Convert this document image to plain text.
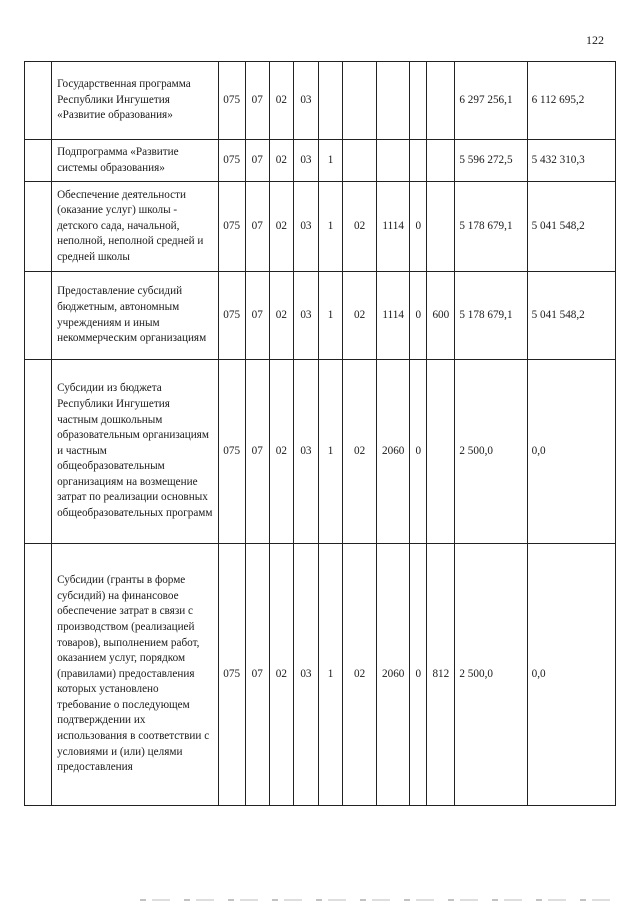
122
	Государственная программа Республики Ингушетия «Развитие образования»	075	07	02	03						6 297 256,1	6 112 695,2
	Подпрограмма «Развитие системы образования»	075	07	02	03	1					5 596 272,5	5 432 310,3
	Обеспечение деятельности (оказание услуг) школы - детского сада, начальной, неполной, неполной средней и средней школы	075	07	02	03	1	02	1114	0		5 178 679,1	5 041 548,2
	Предоставление субсидий бюджетным, автономным учреждениям и иным некоммерческим организациям	075	07	02	03	1	02	1114	0	600	5 178 679,1	5 041 548,2
	Субсидии из бюджета Республики Ингушетия частным дошкольным образовательным организациям и частным общеобразовательным организациям на возмещение затрат по реализации основных общеобразовательных программ	075	07	02	03	1	02	2060	0		2 500,0	0,0
	Субсидии (гранты в форме субсидий) на финансовое обеспечение затрат в связи с производством (реализацией товаров), выполнением работ, оказанием услуг, порядком (правилами) предоставления которых установлено требование о последующем подтверждении их использования в соответствии с условиями и (или) целями предоставления	075	07	02	03	1	02	2060	0	812	2 500,0	0,0
